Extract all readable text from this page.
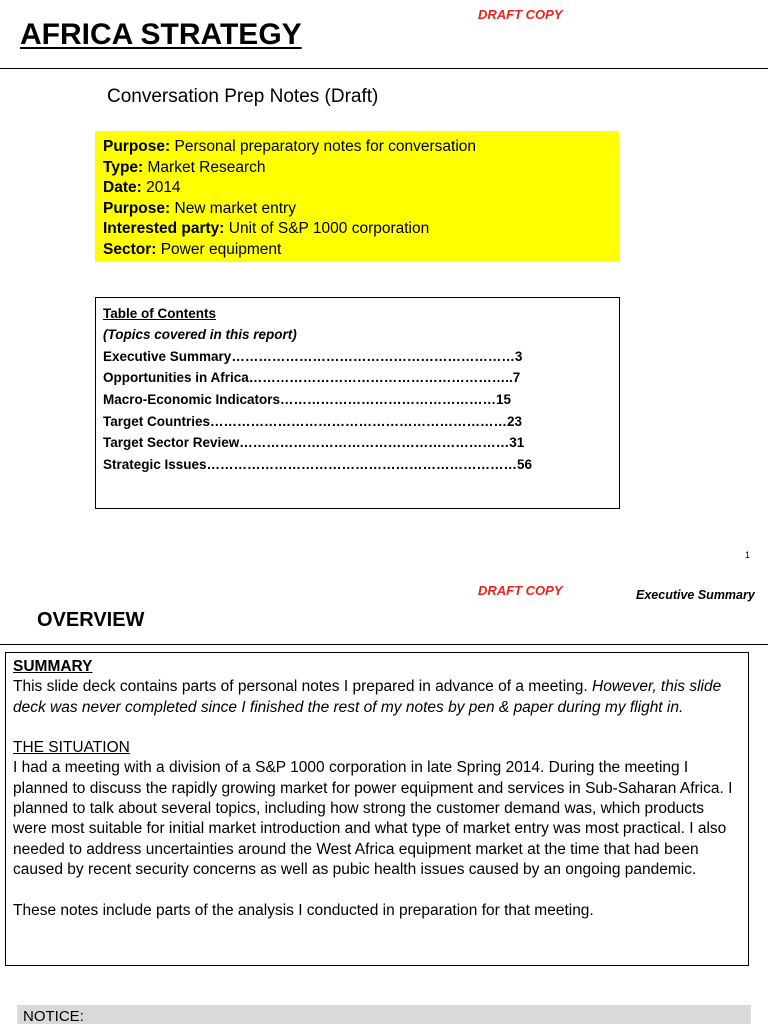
DRAFT COPY
AFRICA STRATEGY
Conversation Prep Notes (Draft)
Purpose: Personal preparatory notes for conversation
Type: Market Research
Date: 2014
Purpose: New market entry
Interested party: Unit of S&P 1000 corporation
Sector: Power equipment
Table of Contents
(Topics covered in this report)
Executive Summary………………………………………………………3
Opportunities in Africa…………………………………………………..7
Macro-Economic Indicators…………………………………………15
Target Countries…………………………………………………………23
Target Sector Review……………………………………………………31
Strategic Issues……………………………………………………………56
1
DRAFT COPY	Executive Summary
OVERVIEW
SUMMARY

This slide deck contains parts of personal notes I prepared in advance of a meeting. However, this slide deck was never completed since I finished the rest of my notes by pen & paper during my flight in.

THE SITUATION

I had a meeting with a division of a S&P 1000 corporation in late Spring 2014. During the meeting I planned to discuss the rapidly growing market for power equipment and services in Sub-Saharan Africa. I planned to talk about several topics, including how strong the customer demand was, which products were most suitable for initial market introduction and what type of market entry was most practical. I also needed to address uncertainties around the West Africa equipment market at the time that had been caused by recent security concerns as well as pubic health issues caused by an ongoing pandemic.

These notes include parts of the analysis I conducted in preparation for that meeting.

NOTICE:
